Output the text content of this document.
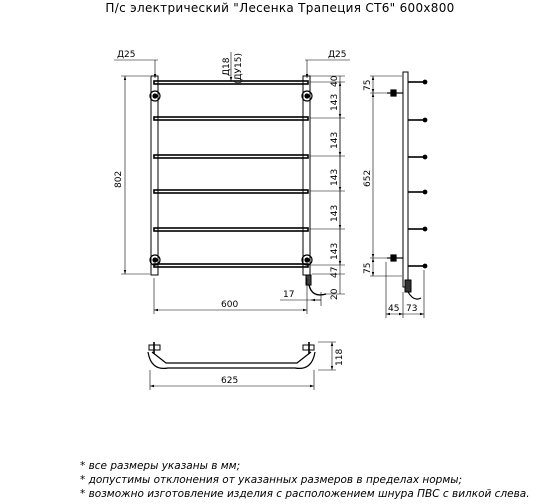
П/с электрический "Лесенка Трапеция СТ6" 600х800
Д25	Д25
Д18 (ДУ15)
802
600
17
40
143
143
143
143
143
47
20
75
652
75
45 73
625
118
* все размеры указаны в мм;
* допустимы отклонения от указанных размеров в пределах нормы;
* возможно изготовление изделия с расположением шнура ПВС с вилкой слева.
